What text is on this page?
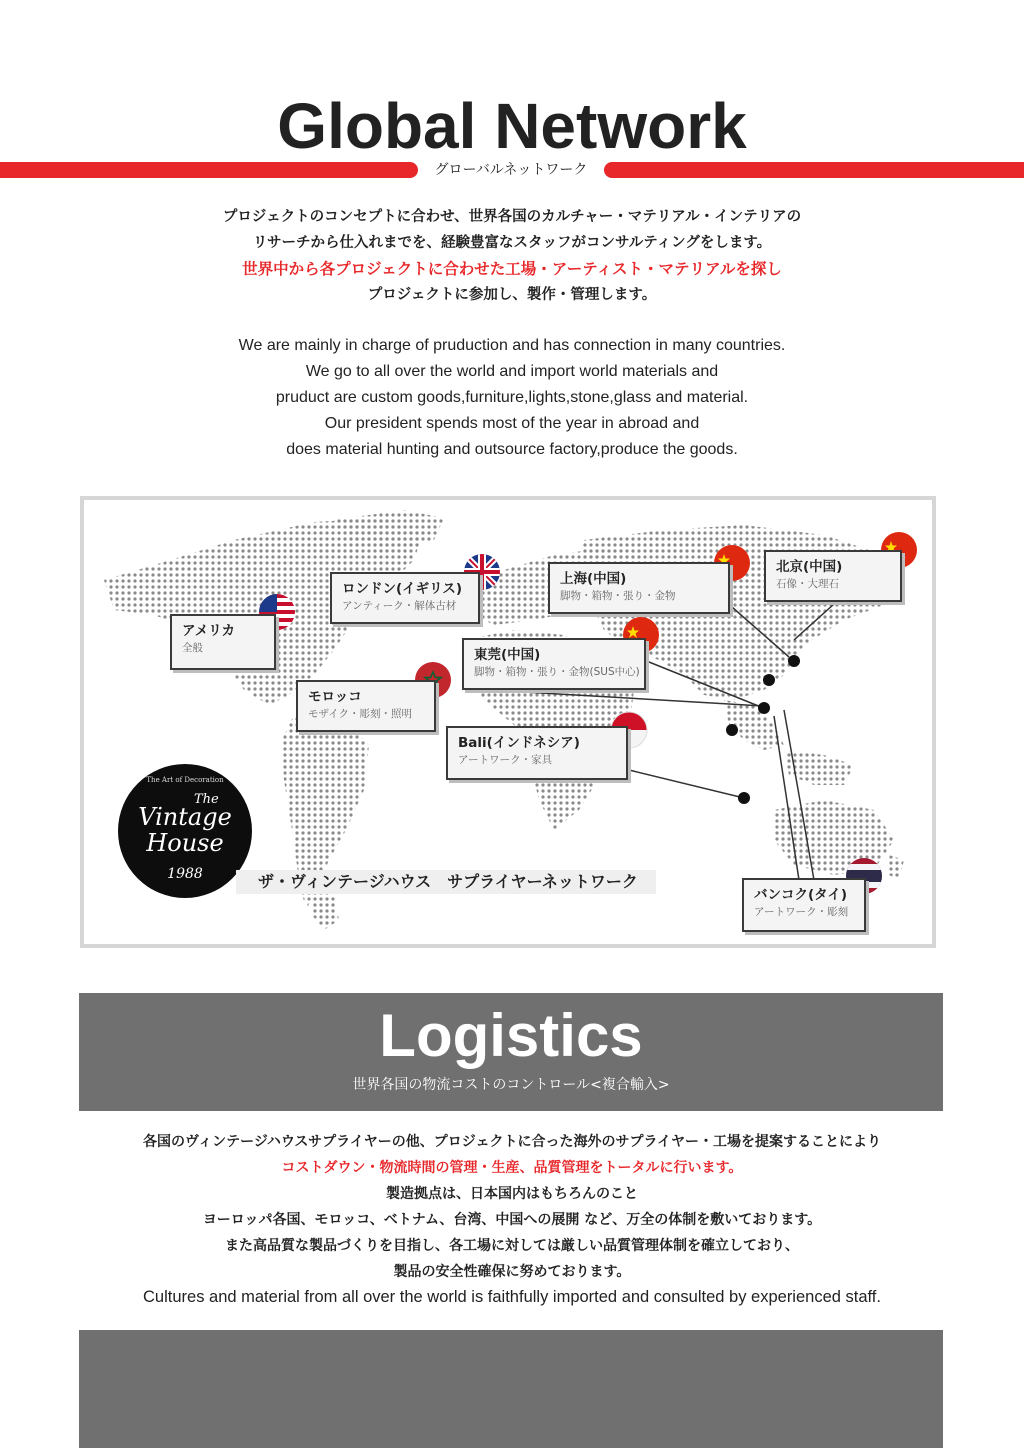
Global Network
グローバルネットワーク
プロジェクトのコンセプトに合わせ、世界各国のカルチャー・マテリアル・インテリアの
リサーチから仕入れまでを、経験豊富なスタッフがコンサルティングをします。
世界中から各プロジェクトに合わせた工場・アーティスト・マテリアルを探し
プロジェクトに参加し、製作・管理します。
We are mainly in charge of pruduction and has connection in many countries.
We go to all over the world and import world materials and
pruduct are custom goods,furniture,lights,stone,glass and material.
Our president spends most of the year in abroad and
does material hunting and outsource factory,produce the goods.
アメリカ
全般
ロンドン(イギリス)
アンティーク・解体古材
モロッコ
モザイク・彫刻・照明
上海(中国)
脚物・箱物・張り・金物
北京(中国)
石像・大理石
東莞(中国)
脚物・箱物・張り・金物(SUS中心)
Bali(インドネシア)
アートワーク・家具
バンコク(タイ)
アートワーク・彫刻
The Art of Decoration
The
Vintage
House
1988	ザ・ヴィンテージハウス　サプライヤーネットワーク
Logistics
世界各国の物流コストのコントロール<複合輸入>
各国のヴィンテージハウスサプライヤーの他、プロジェクトに合った海外のサプライヤー・工場を提案することにより
コストダウン・物流時間の管理・生産、品質管理をトータルに行います。
製造拠点は、日本国内はもちろんのこと
ヨーロッパ各国、モロッコ、ベトナム、台湾、中国への展開 など、万全の体制を敷いております。
また高品質な製品づくりを目指し、各工場に対しては厳しい品質管理体制を確立しており、
製品の安全性確保に努めております。
Cultures and material from all over the world is faithfully imported and consulted by experienced staff.
